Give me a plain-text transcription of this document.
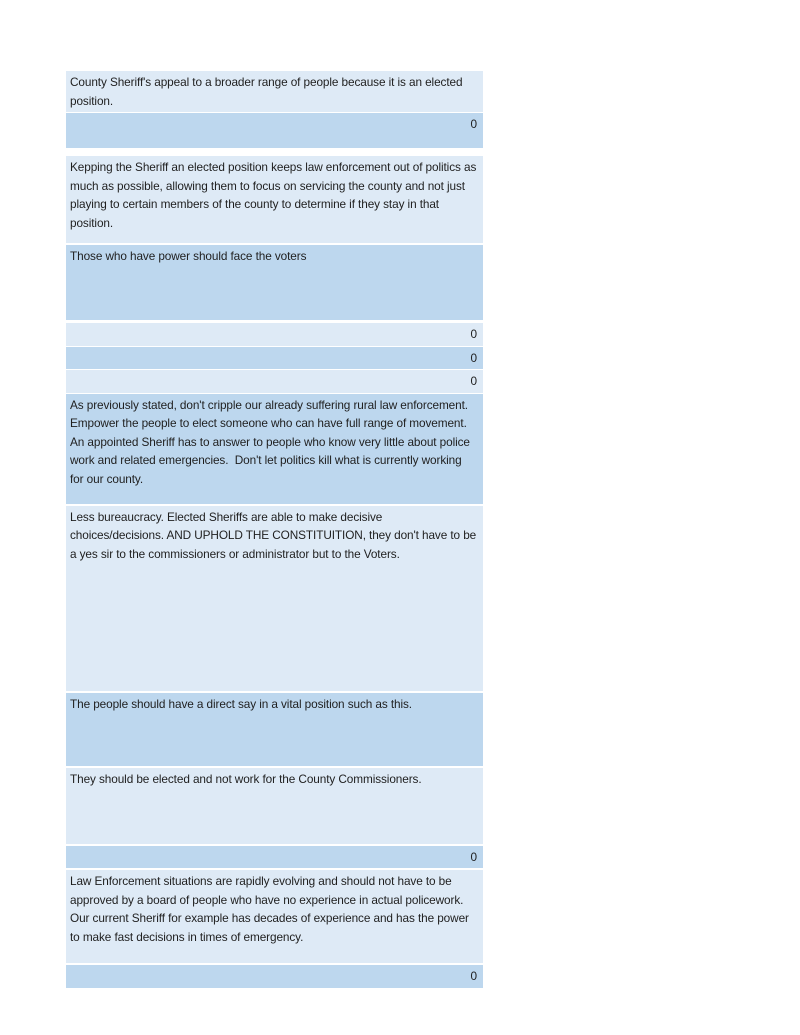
County Sheriff's appeal to a broader range of people because it is an elected position.
0
Kepping the Sheriff an elected position keeps law enforcement out of politics as much as possible, allowing them to focus on servicing the county and not just playing to certain members of the county to determine if they stay in that position.
Those who have power should face the voters
0
0
0
As previously stated, don't cripple our already suffering rural law enforcement.  Empower the people to elect someone who can have full range of movement.  An appointed Sheriff has to answer to people who know very little about police work and related emergencies.  Don't let politics kill what is currently working for our county.
Less bureaucracy. Elected Sheriffs are able to make decisive choices/decisions. AND UPHOLD THE CONSTITUITION, they don't have to be a yes sir to the commissioners or administrator but to the Voters.
The people should have a direct say in a vital position such as this.
They should be elected and not work for the County Commissioners.
0
Law Enforcement situations are rapidly evolving and should not have to be approved by a board of people who have no experience in actual policework. Our current Sheriff for example has decades of experience and has the power to make fast decisions in times of emergency.
0
